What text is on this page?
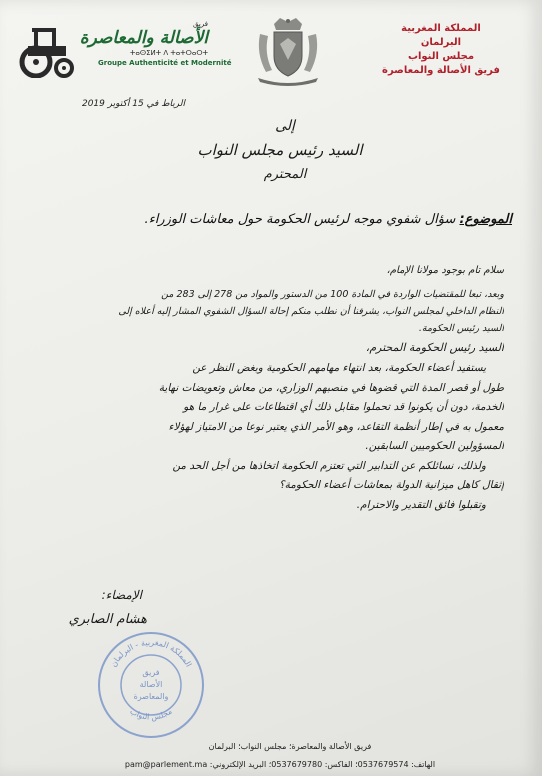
المملكة المغربية
البرلمان
مجلس النواب
فريق الأصالة والمعاصرة
فريق
الأصالة والمعاصرة
ⵜⴰⵙⵉⵍⵜ ⴷ ⵜⴰⵜⵔⴰⵔⵜ
Groupe Authenticité et Modernité
الرباط في 15 أكتوبر 2019
إلى
السيد رئيس مجلس النواب
المحترم
الموضوع: سؤال شفوي موجه لرئيس الحكومة حول معاشات الوزراء.
سلام تام بوجود مولانا الإمام،
وبعد، تبعا للمقتضيات الواردة في المادة 100 من الدستور والمواد من 278 إلى 283 من
النظام الداخلي لمجلس النواب، يشرفنا أن نطلب منكم إحالة السؤال الشفوي المشار إليه أعلاه إلى
السيد رئيس الحكومة.
السيد رئيس الحكومة المحترم،
يستفيد أعضاء الحكومة، بعد انتهاء مهامهم الحكومية وبغض النظر عن
طول أو قصر المدة التي قضوها في منصبهم الوزاري، من معاش وتعويضات نهاية
الخدمة، دون أن يكونوا قد تحملوا مقابل ذلك أي اقتطاعات على غرار ما هو
معمول به في إطار أنظمة التقاعد، وهو الأمر الذي يعتبر نوعا من الامتياز لهؤلاء
المسؤولين الحكوميين السابقين.
ولذلك، نسائلكم عن التدابير التي تعتزم الحكومة اتخاذها من أجل الحد من
إثقال كاهل ميزانية الدولة بمعاشات أعضاء الحكومة؟
وتقبلوا فائق التقدير والاحترام.
الإمضاء:
هشام الصابري
المملكة المغربية - البرلمان
مجلس النواب
فريق
الأصالة
والمعاصرة
فريق الأصالة والمعاصرة؛ مجلس النواب؛ البرلمان
الهاتف: 0537679574؛ الفاكس: 0537679780؛ البريد الإلكتروني: pam@parlement.ma
